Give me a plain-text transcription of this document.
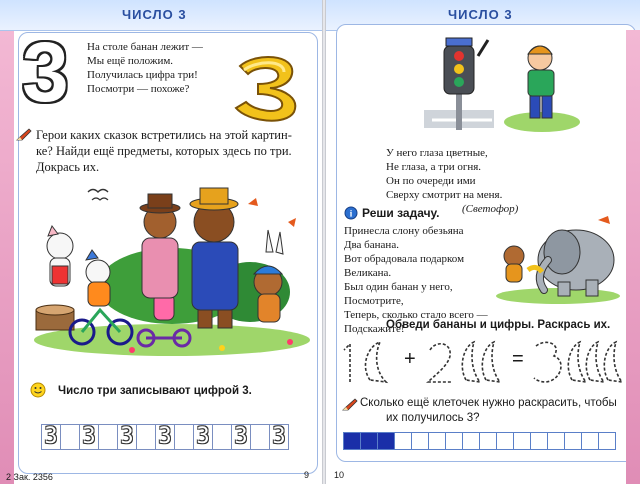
ЧИСЛО 3
3 На столе банан лежит —
Мы ещё положим.
Получилась цифра три!
Посмотри — похоже?
Герои каких сказок встретились на этой картин-
ке? Найди ещё предметы, которых здесь по три.
Докрась их.
Число три записывают цифрой 3.
3 3 3 3 3 3 3
2 Зак. 2356	9
ЧИСЛО 3
У него глаза цветные,
Не глаза, а три огня.
Он по очереди ими
Сверху смотрит на меня.
(Светофор)
i Реши задачу.
Принесла слону обезьяна
Два банана.
Вот обрадовала подарком
Великана.
Был один банан у него,
Посмотрите,
Теперь, сколько стало всего —
Подскажите!
Обведи бананы и цифры. Раскрась их.
+	=
Сколько ещё клеточек нужно раскрасить, чтобы
их получилось 3?
10
